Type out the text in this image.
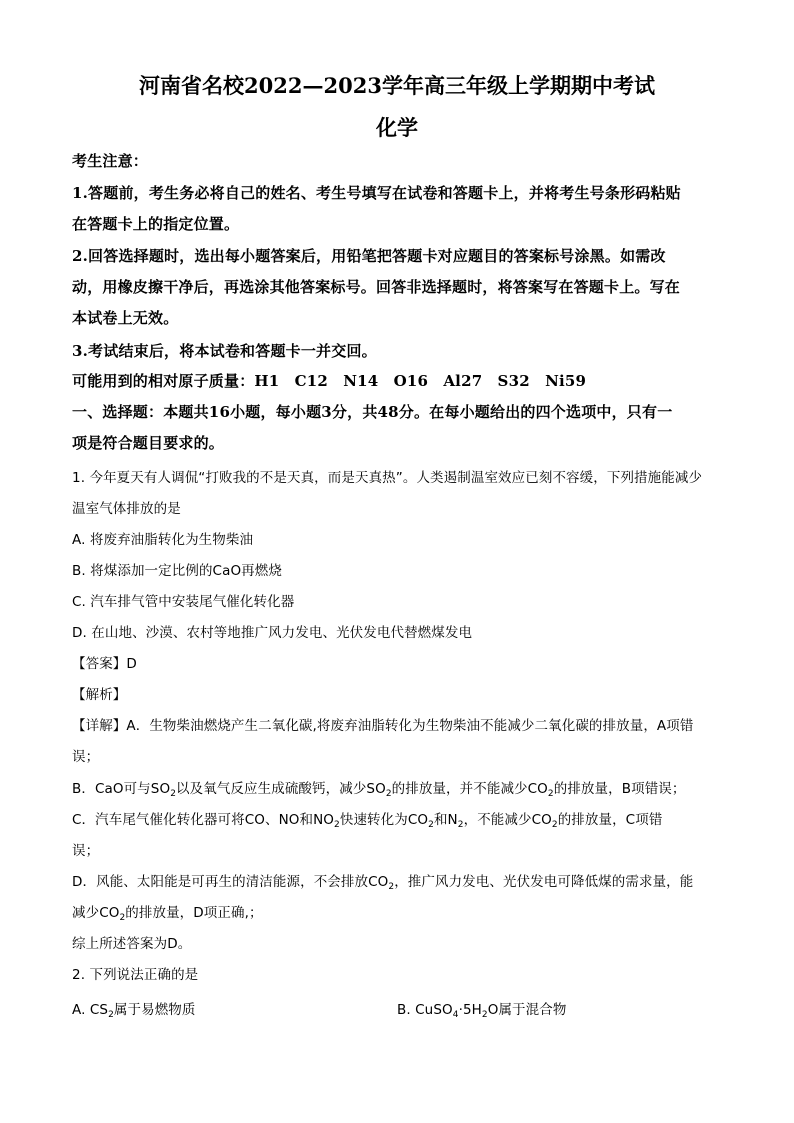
河南省名校2022—2023学年高三年级上学期期中考试
化学
考生注意：
1.答题前，考生务必将自己的姓名、考生号填写在试卷和答题卡上，并将考生号条形码粘贴
在答题卡上的指定位置。
2.回答选择题时，选出每小题答案后，用铅笔把答题卡对应题目的答案标号涂黑。如需改
动，用橡皮擦干净后，再选涂其他答案标号。回答非选择题时，将答案写在答题卡上。写在
本试卷上无效。
3.考试结束后，将本试卷和答题卡一并交回。
可能用到的相对原子质量：H1　C12　N14　O16　Al27　S32　Ni59
一、选择题：本题共16小题，每小题3分，共48分。在每小题给出的四个选项中，只有一
项是符合题目要求的。
1. 今年夏天有人调侃“打败我的不是天真，而是天真热”。人类遏制温室效应已刻不容缓，下列措施能减少
温室气体排放的是
A. 将废弃油脂转化为生物柴油
B. 将煤添加一定比例的CaO再燃烧
C. 汽车排气管中安装尾气催化转化器
D. 在山地、沙漠、农村等地推广风力发电、光伏发电代替燃煤发电
【答案】D
【解析】
【详解】A．生物柴油燃烧产生二氧化碳,将废弃油脂转化为生物柴油不能减少二氧化碳的排放量，A项错
误；
B．CaO可与$SO_2$以及氧气反应生成硫酸钙，减少$SO_2$的排放量，并不能减少$CO_2$的排放量，B项错误；
C．汽车尾气催化转化器可将CO、NO和$NO_2$快速转化为$CO_2$和$N_2$，不能减少$CO_2$的排放量，C项错
误；
D．风能、太阳能是可再生的清洁能源，不会排放$CO_2$，推广风力发电、光伏发电可降低煤的需求量，能
减少$CO_2$的排放量，D项正确,；
综上所述答案为D。
2. 下列说法正确的是
A. $CS_2$属于易燃物质	B. $CuSO_4\cdot 5H_2O$属于混合物
